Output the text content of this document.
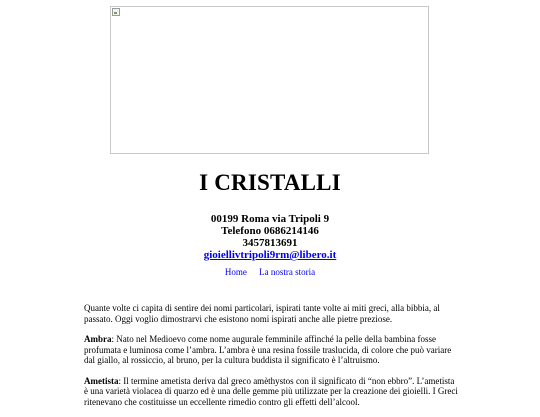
I CRISTALLI
00199 Roma via Tripoli 9
Telefono 0686214146
3457813691
gioiellivtripoli9rm@libero.it
Home La nostra storia

Quante volte ci capita di sentire dei nomi particolari, ispirati tante volte ai miti greci, alla bibbia, al passato. Oggi voglio dimostrarvi che esistono nomi ispirati anche alle pietre preziose.

Ambra: Nato nel Medioevo come nome augurale femminile affinché la pelle della bambina fosse profumata e luminosa come l’ambra. L’ambra è una resina fossile traslucida, di colore che può variare dal giallo, al rossiccio, al bruno, per la cultura buddista il significato è l’altruismo.

Ametista: Il termine ametista deriva dal greco amèthystos con il significato di “non ebbro”. L’ametista è una varietà violacea di quarzo ed è una delle gemme più utilizzate per la creazione dei gioielli. I Greci ritenevano che costituisse un eccellente rimedio contro gli effetti dell’alcool.
